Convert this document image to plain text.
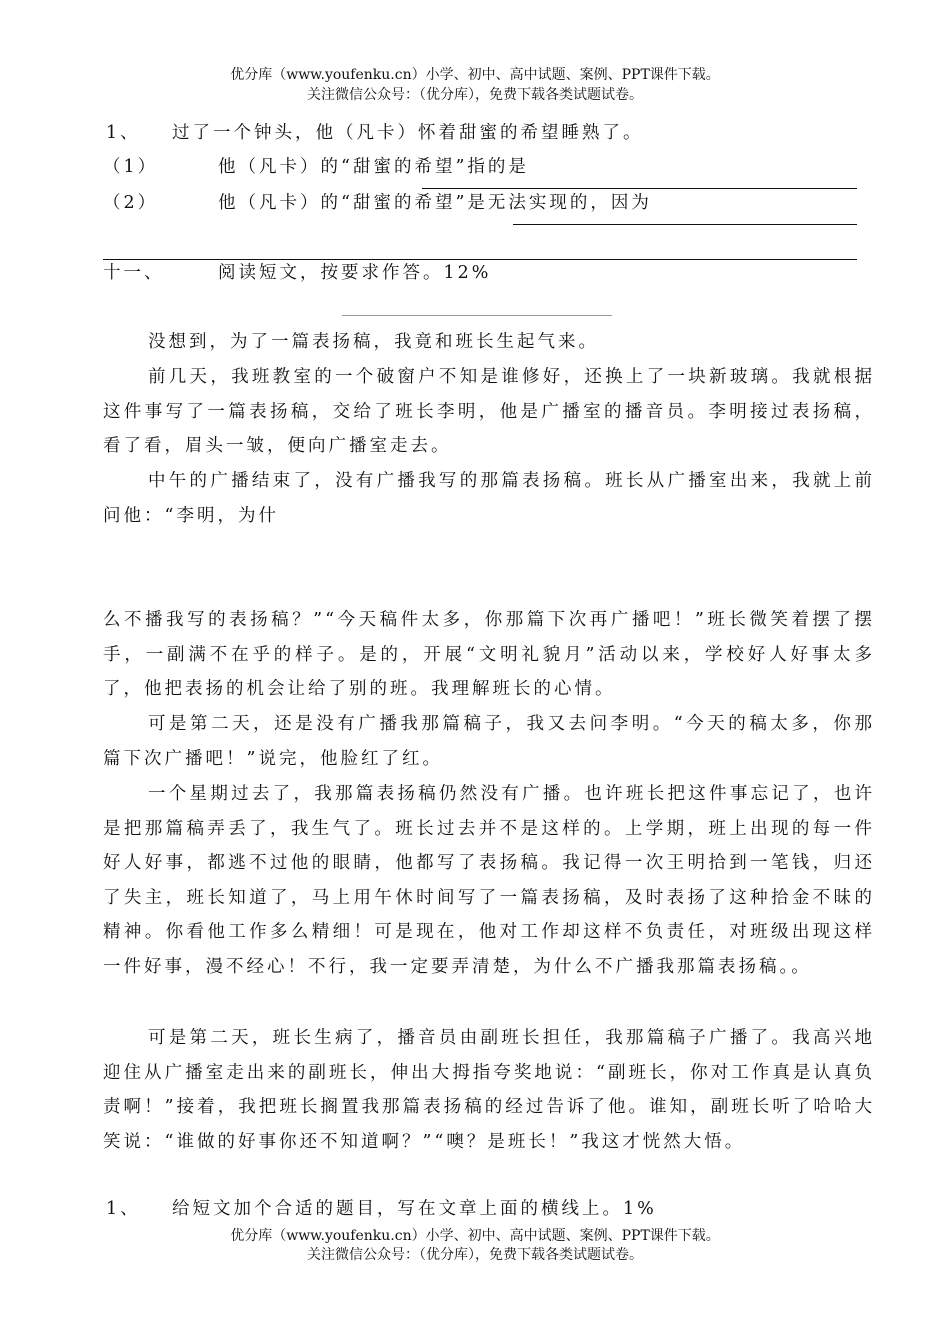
优分库（www.youfenku.cn）小学、初中、高中试题、案例、PPT课件下载。
关注微信公众号：（优分库），免费下载各类试题试卷。
1、 过了一个钟头，他（凡卡）怀着甜蜜的希望睡熟了。
（1）	他（凡卡）的“甜蜜的希望”指的是
（2）	他（凡卡）的“甜蜜的希望”是无法实现的，因为
十一、	阅读短文，按要求作答。12%

没想到，为了一篇表扬稿，我竟和班长生起气来。

前几天，我班教室的一个破窗户不知是谁修好，还换上了一块新玻璃。我就根据这件事写了一篇表扬稿，交给了班长李明，他是广播室的播音员。李明接过表扬稿，看了看，眉头一皱，便向广播室走去。

中午的广播结束了，没有广播我写的那篇表扬稿。班长从广播室出来，我就上前问他：“李明，为什

么不播我写的表扬稿？”“今天稿件太多，你那篇下次再广播吧！”班长微笑着摆了摆手，一副满不在乎的样子。是的，开展“文明礼貌月”活动以来，学校好人好事太多了，他把表扬的机会让给了别的班。我理解班长的心情。

可是第二天，还是没有广播我那篇稿子，我又去问李明。“今天的稿太多，你那篇下次广播吧！”说完，他脸红了红。

一个星期过去了，我那篇表扬稿仍然没有广播。也许班长把这件事忘记了，也许是把那篇稿弄丢了，我生气了。班长过去并不是这样的。上学期，班上出现的每一件好人好事，都逃不过他的眼睛，他都写了表扬稿。我记得一次王明拾到一笔钱，归还了失主，班长知道了，马上用午休时间写了一篇表扬稿，及时表扬了这种拾金不昧的精神。你看他工作多么精细！可是现在，他对工作却这样不负责任，对班级出现这样一件好事，漫不经心！不行，我一定要弄清楚，为什么不广播我那篇表扬稿。。

可是第二天，班长生病了，播音员由副班长担任，我那篇稿子广播了。我高兴地迎住从广播室走出来的副班长，伸出大拇指夸奖地说：“副班长，你对工作真是认真负责啊！”接着，我把班长搁置我那篇表扬稿的经过告诉了他。谁知，副班长听了哈哈大笑说：“谁做的好事你还不知道啊？”“噢？是班长！”我这才恍然大悟。

1、 给短文加个合适的题目，写在文章上面的横线上。1%
优分库（www.youfenku.cn）小学、初中、高中试题、案例、PPT课件下载。
关注微信公众号：（优分库），免费下载各类试题试卷。
